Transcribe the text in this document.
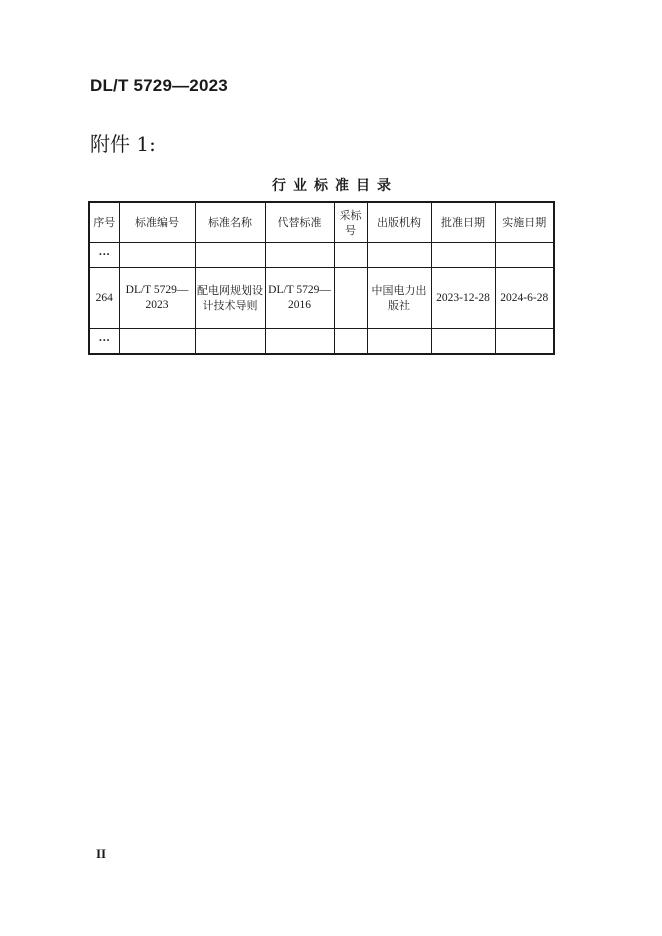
DL/T 5729—2023
附件 1:
行业标准目录
序号	标准编号	标准名称	代替标准	采标号	出版机构	批准日期	实施日期
···							
264	DL/T 5729—2023	配电网规划设计技术导则	DL/T 5729—2016		中国电力出版社	2023-12-28	2024-6-28
···							
II
